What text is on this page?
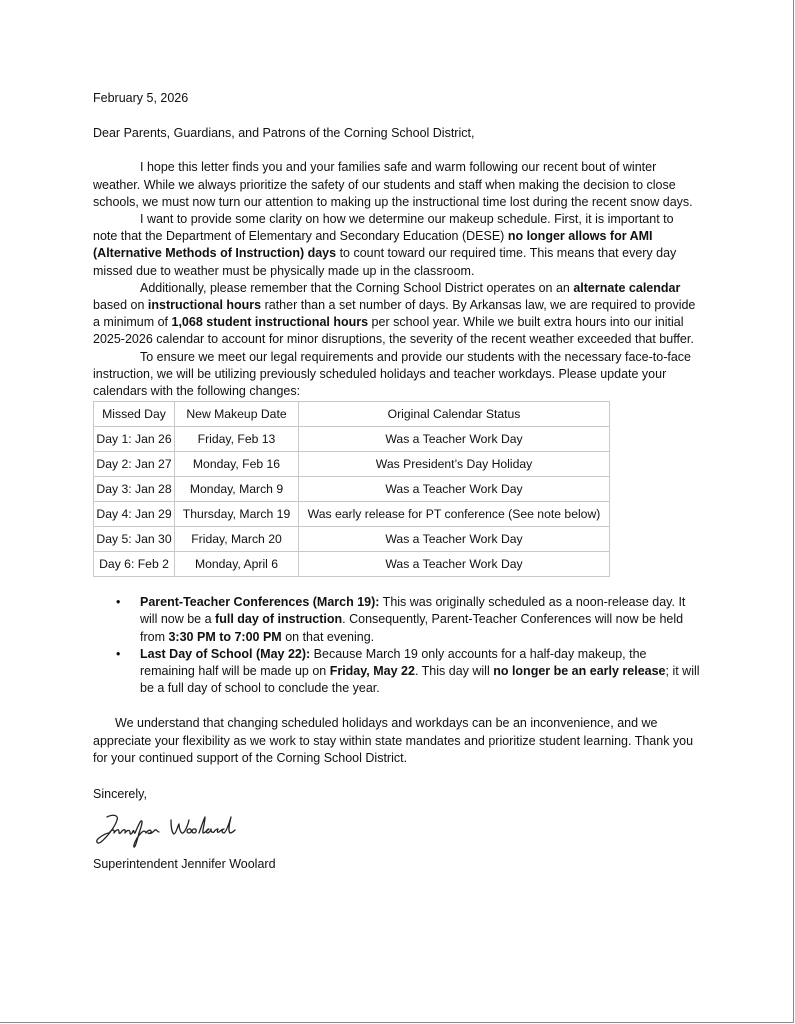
February 5, 2026

Dear Parents, Guardians, and Patrons of the Corning School District,

I hope this letter finds you and your families safe and warm following our recent bout of winter weather. While we always prioritize the safety of our students and staff when making the decision to close schools, we must now turn our attention to making up the instructional time lost during the recent snow days.

I want to provide some clarity on how we determine our makeup schedule. First, it is important to note that the Department of Elementary and Secondary Education (DESE) no longer allows for AMI (Alternative Methods of Instruction) days to count toward our required time. This means that every day missed due to weather must be physically made up in the classroom.

Additionally, please remember that the Corning School District operates on an alternate calendar based on instructional hours rather than a set number of days. By Arkansas law, we are required to provide a minimum of 1,068 student instructional hours per school year. While we built extra hours into our initial 2025-2026 calendar to account for minor disruptions, the severity of the recent weather exceeded that buffer.

To ensure we meet our legal requirements and provide our students with the necessary face-to-face instruction, we will be utilizing previously scheduled holidays and teacher workdays. Please update your calendars with the following changes:

Missed Day	New Makeup Date	Original Calendar Status
Day 1: Jan 26	Friday, Feb 13	Was a Teacher Work Day
Day 2: Jan 27	Monday, Feb 16	Was President’s Day Holiday
Day 3: Jan 28	Monday, March 9	Was a Teacher Work Day
Day 4: Jan 29	Thursday, March 19	Was early release for PT conference (See note below)
Day 5: Jan 30	Friday, March 20	Was a Teacher Work Day
Day 6: Feb 2	Monday, April 6	Was a Teacher Work Day
• Parent-Teacher Conferences (March 19): This was originally scheduled as a noon-release day. It will now be a full day of instruction. Consequently, Parent-Teacher Conferences will now be held from 3:30 PM to 7:00 PM on that evening.
• Last Day of School (May 22): Because March 19 only accounts for a half-day makeup, the remaining half will be made up on Friday, May 22. This day will no longer be an early release; it will be a full day of school to conclude the year.

We understand that changing scheduled holidays and workdays can be an inconvenience, and we appreciate your flexibility as we work to stay within state mandates and prioritize student learning. Thank you for your continued support of the Corning School District.

Sincerely,

Superintendent Jennifer Woolard
